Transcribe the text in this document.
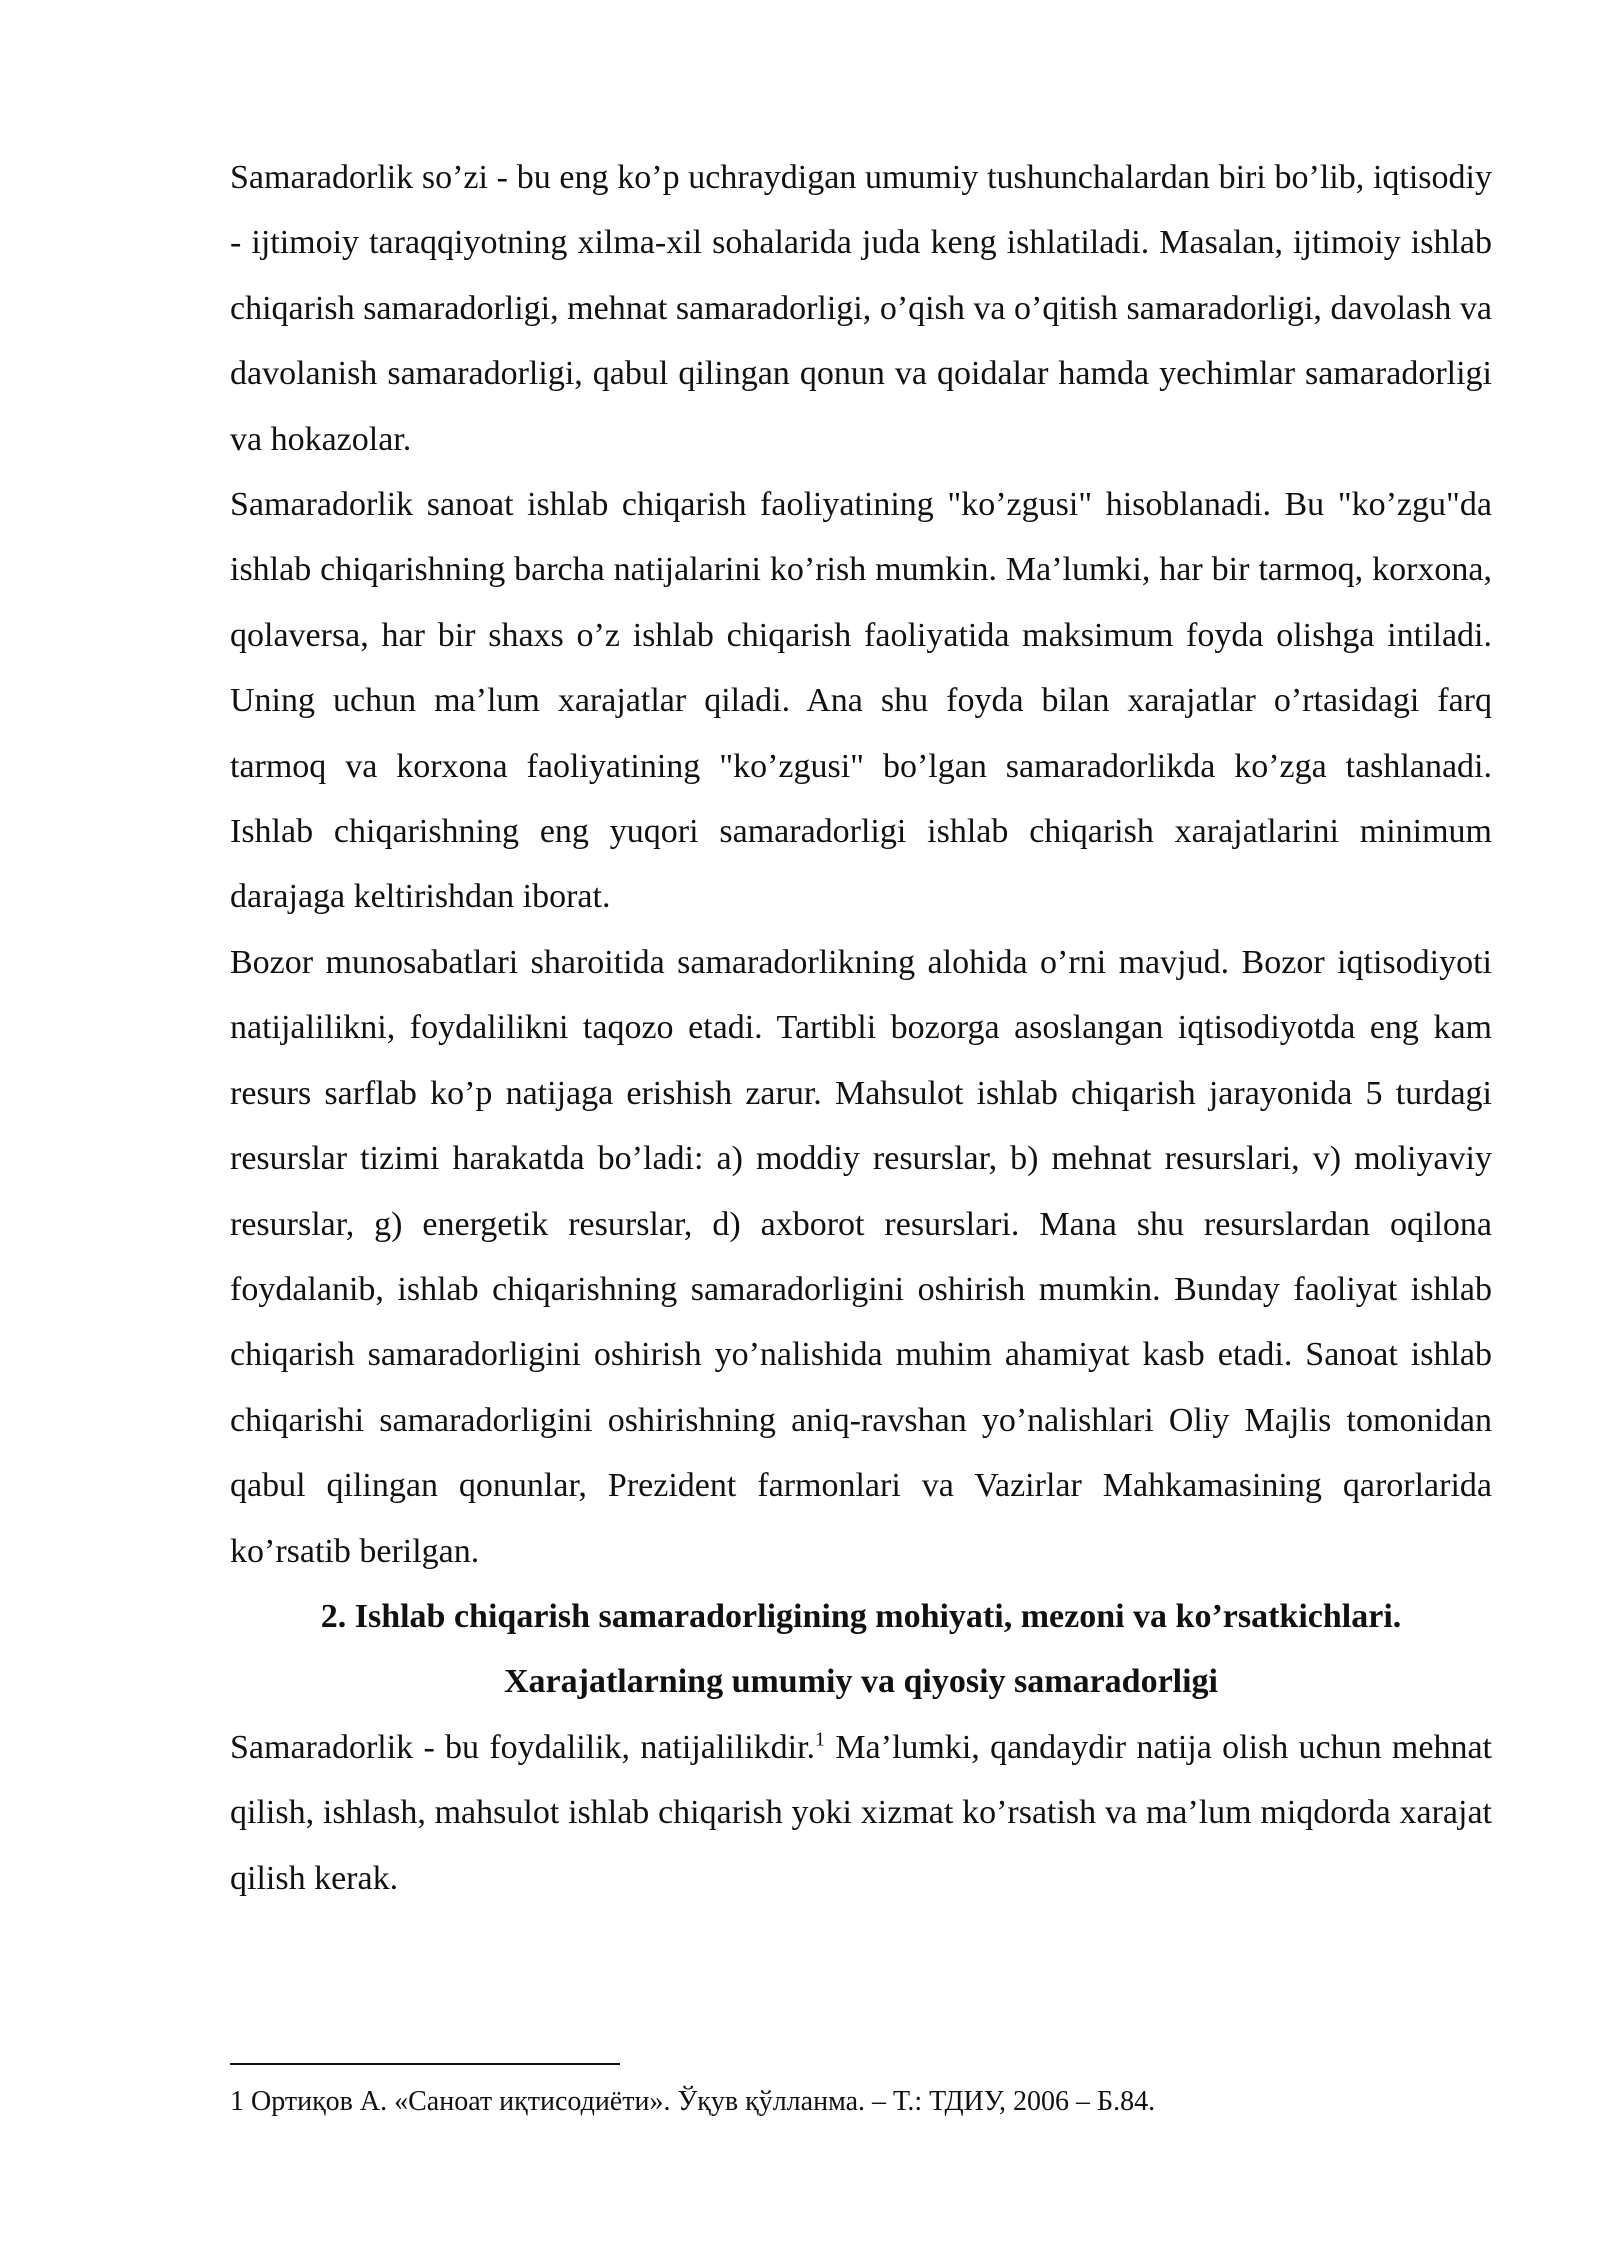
Samaradorlik so’zi - bu eng ko’p uchraydigan umumiy tushunchalardan biri bo’lib, iqtisodiy - ijtimoiy taraqqiyotning xilma-xil sohalarida juda keng ishlatiladi. Masalan, ijtimoiy ishlab chiqarish samaradorligi, mehnat samaradorligi, o’qish va o’qitish samaradorligi, davolash va davolanish samaradorligi, qabul qilingan qonun va qoidalar hamda yechimlar samaradorligi va hokazolar.

Samaradorlik sanoat ishlab chiqarish faoliyatining "ko’zgusi" hisoblanadi. Bu "ko’zgu"da ishlab chiqarishning barcha natijalarini ko’rish mumkin. Ma’lumki, har bir tarmoq, korxona, qolaversa, har bir shaxs o’z ishlab chiqarish faoliyatida maksimum foyda olishga intiladi. Uning uchun ma’lum xarajatlar qiladi. Ana shu foyda bilan xarajatlar o’rtasidagi farq tarmoq va korxona faoliyatining "ko’zgusi" bo’lgan samaradorlikda ko’zga tashlanadi. Ishlab chiqarishning eng yuqori samaradorligi ishlab chiqarish xarajatlarini minimum darajaga keltirishdan iborat.

Bozor munosabatlari sharoitida samaradorlikning alohida o’rni mavjud. Bozor iqtisodiyoti natijalilikni, foydalilikni taqozo etadi. Tartibli bozorga asoslangan iqtisodiyotda eng kam resurs sarflab ko’p natijaga erishish zarur. Mahsulot ishlab chiqarish jarayonida 5 turdagi resurslar tizimi harakatda bo’ladi: a) moddiy resurslar, b) mehnat resurslari, v) moliyaviy resurslar, g) energetik resurslar, d) axborot resurslari. Mana shu resurslardan oqilona foydalanib, ishlab chiqarishning samaradorligini oshirish mumkin. Bunday faoliyat ishlab chiqarish samaradorligini oshirish yo’nalishida muhim ahamiyat kasb etadi. Sanoat ishlab chiqarishi samaradorligini oshirishning aniq-ravshan yo’nalishlari Oliy Majlis tomonidan qabul qilingan qonunlar, Prezident farmonlari va Vazirlar Mahkamasining qarorlarida ko’rsatib berilgan.

2. Ishlab chiqarish samaradorligining mohiyati, mezoni va ko’rsatkichlari.

Xarajatlarning umumiy va qiyosiy samaradorligi

Samaradorlik - bu foydalilik, natijalilikdir.$^1$ Ma’lumki, qandaydir natija olish uchun mehnat qilish, ishlash, mahsulot ishlab chiqarish yoki xizmat ko’rsatish va ma’lum miqdorda xarajat qilish kerak.

1 Ортиқов А. «Саноат иқтисодиёти». Ўқув қўлланма. – Т.: ТДИУ, 2006 – Б.84.
